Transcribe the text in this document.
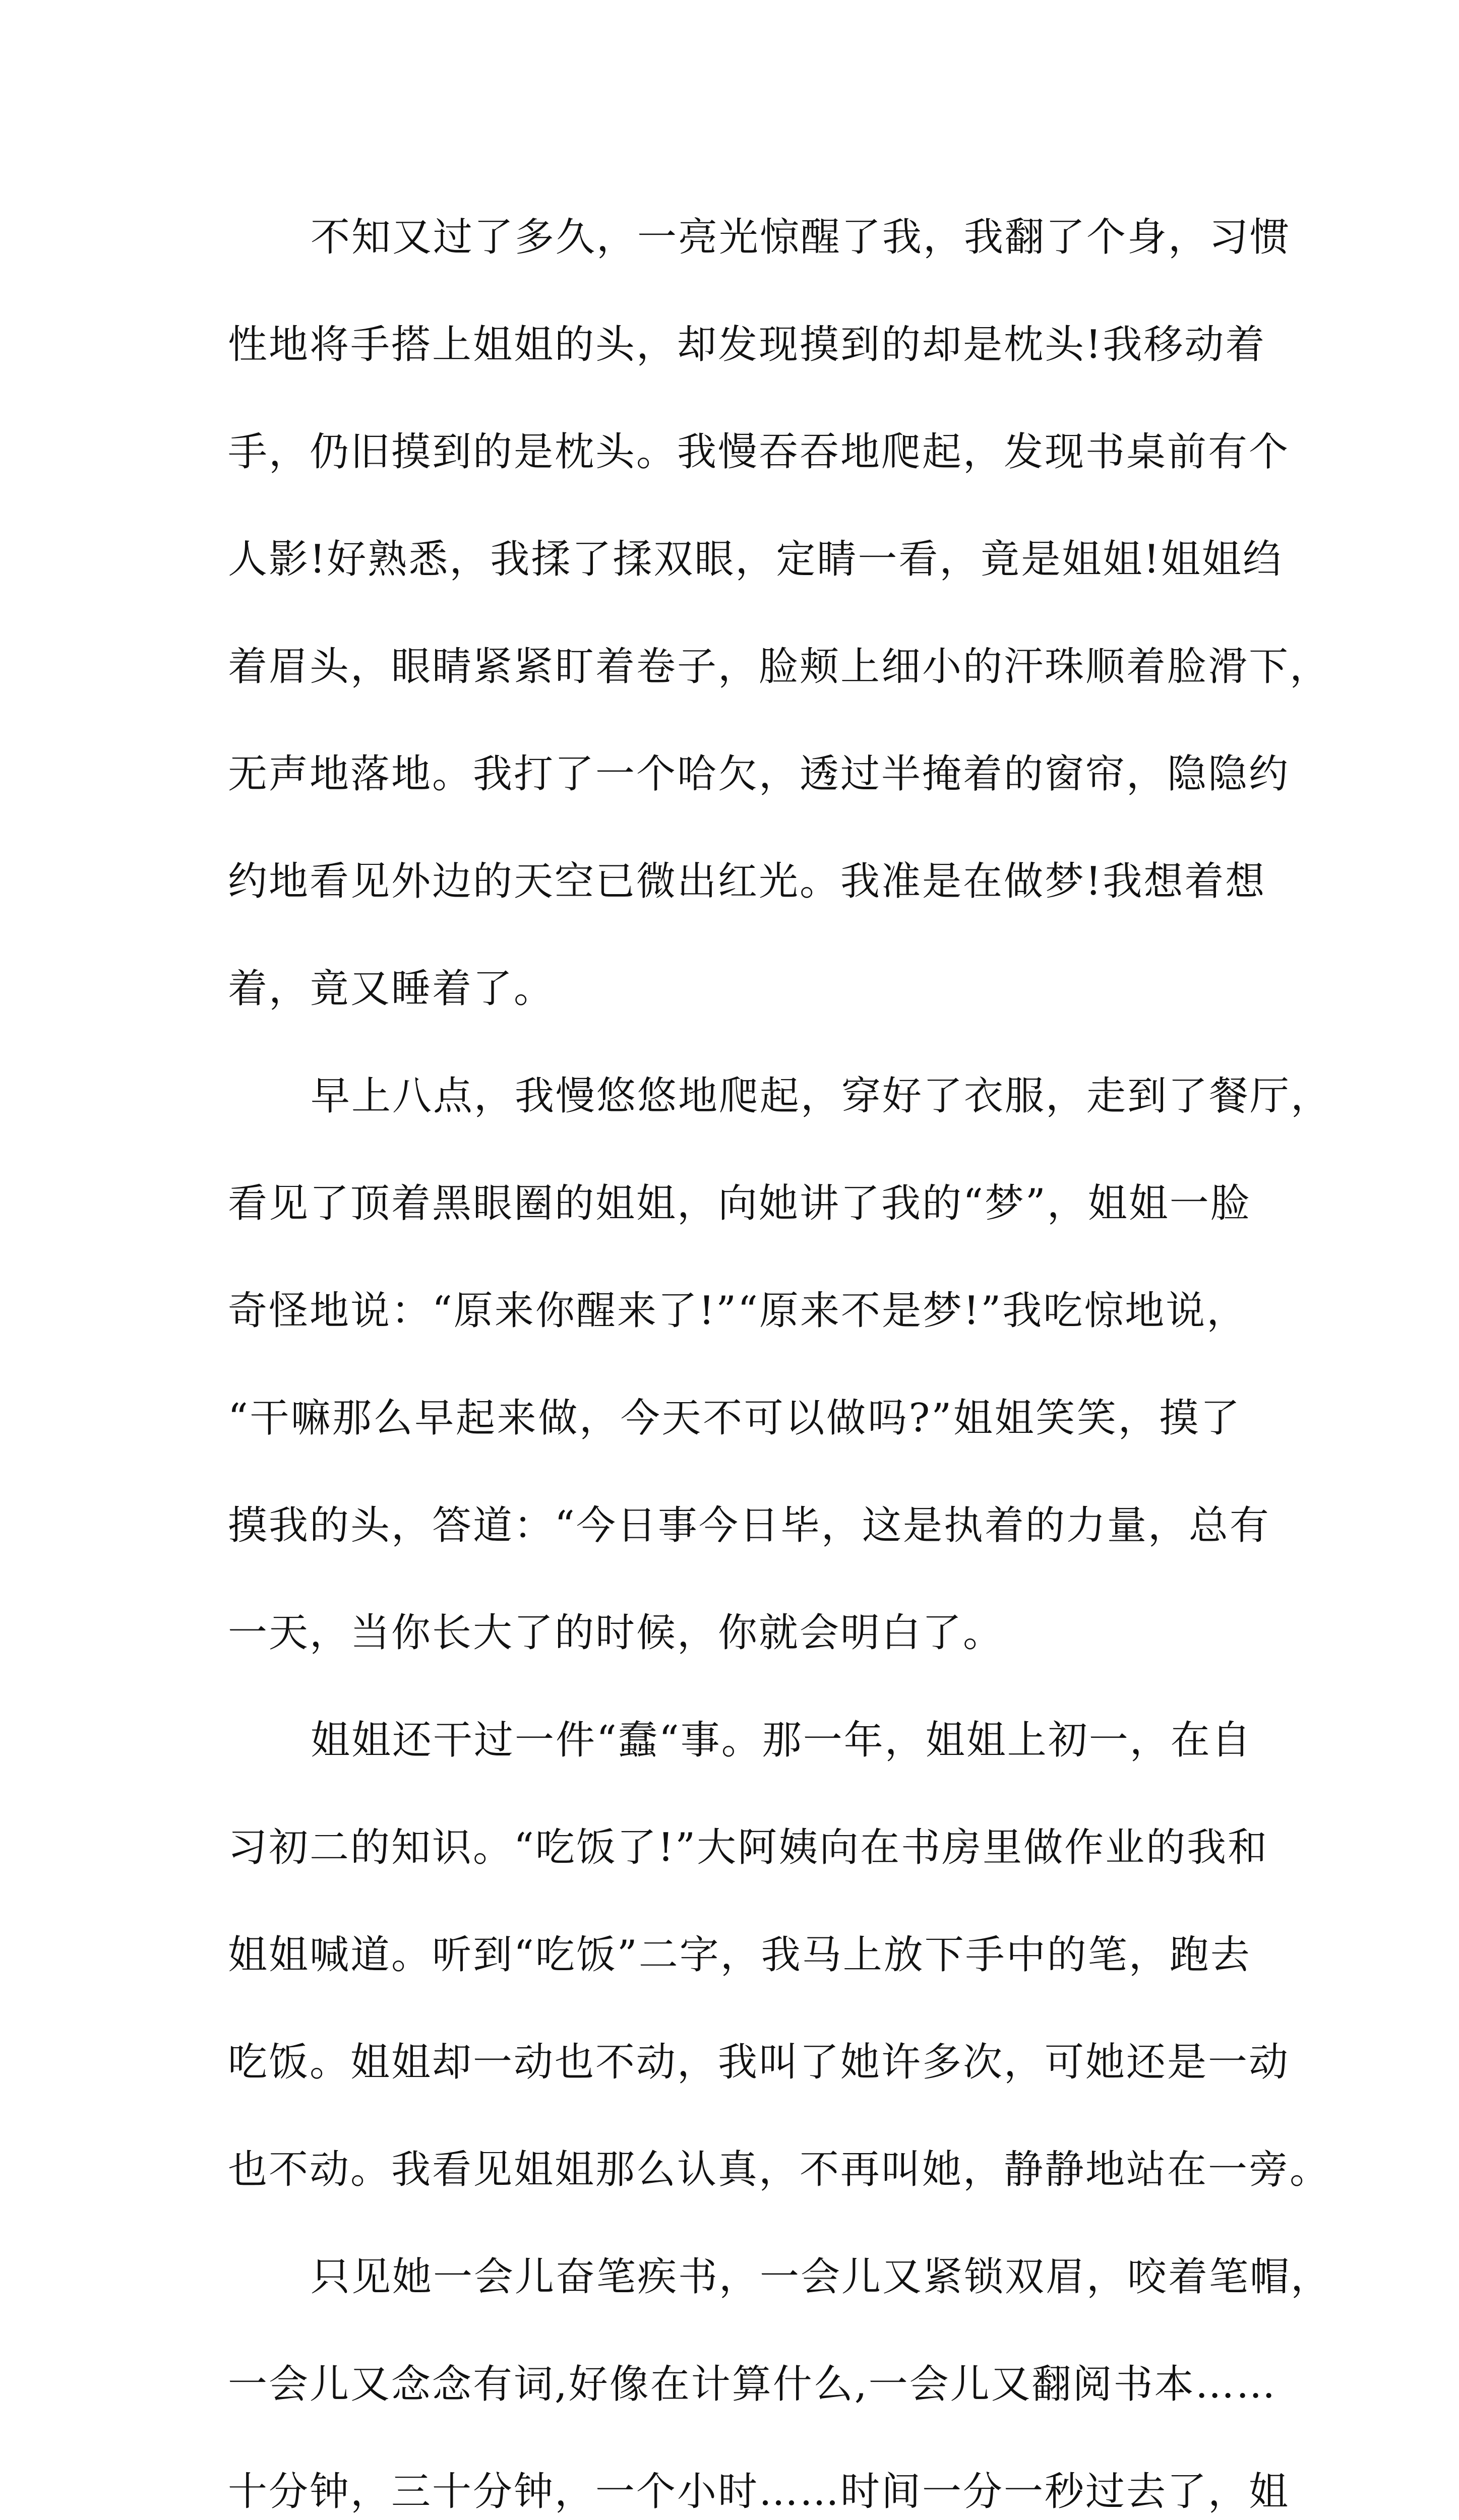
不知又过了多久，一亮光惊醒了我，我翻了个身，习惯
性地将手搭上姐姐的头，却发现摸到的却是枕头!我移动着
手，仍旧摸到的是枕头。我慢吞吞地爬起，发现书桌前有个
人影!好熟悉，我揉了揉双眼，定睛一看，竟是姐姐!姐姐绉
着眉头，眼睛紧紧盯着卷子，脸颊上细小的汗珠顺着脸滑下，
无声地落地。我打了一个哈欠，透过半掩着的窗帘，隐隐约
约地看见外边的天空已微出红光。我准是在做梦!我想着想
着，竟又睡着了。
早上八点，我慢悠悠地爬起，穿好了衣服，走到了餐厅，
看见了顶着黑眼圈的姐姐，向她讲了我的“梦”，姐姐一脸
奇怪地说：“原来你醒来了!”“原来不是梦!”我吃惊地说，
“干嘛那么早起来做，今天不可以做吗?”姐姐笑笑，摸了
摸我的头，答道：“今日事今日毕，这是执着的力量，总有
一天，当你长大了的时候，你就会明白了。
姐姐还干过一件“蠢“事。那一年，姐姐上初一，在自
习初二的知识。“吃饭了!”大阿姨向在书房里做作业的我和
姐姐喊道。听到“吃饭”二字，我马上放下手中的笔，跑去
吃饭。姐姐却一动也不动，我叫了她许多次，可她还是一动
也不动。我看见姐姐那么认真，不再叫她，静静地站在一旁。
只见她一会儿奋笔疾书，一会儿又紧锁双眉，咬着笔帽，
一会儿又念念有词,好像在计算什么,一会儿又翻阅书本……
十分钟，三十分钟，一个小时……时间一分一秒过去了，姐
